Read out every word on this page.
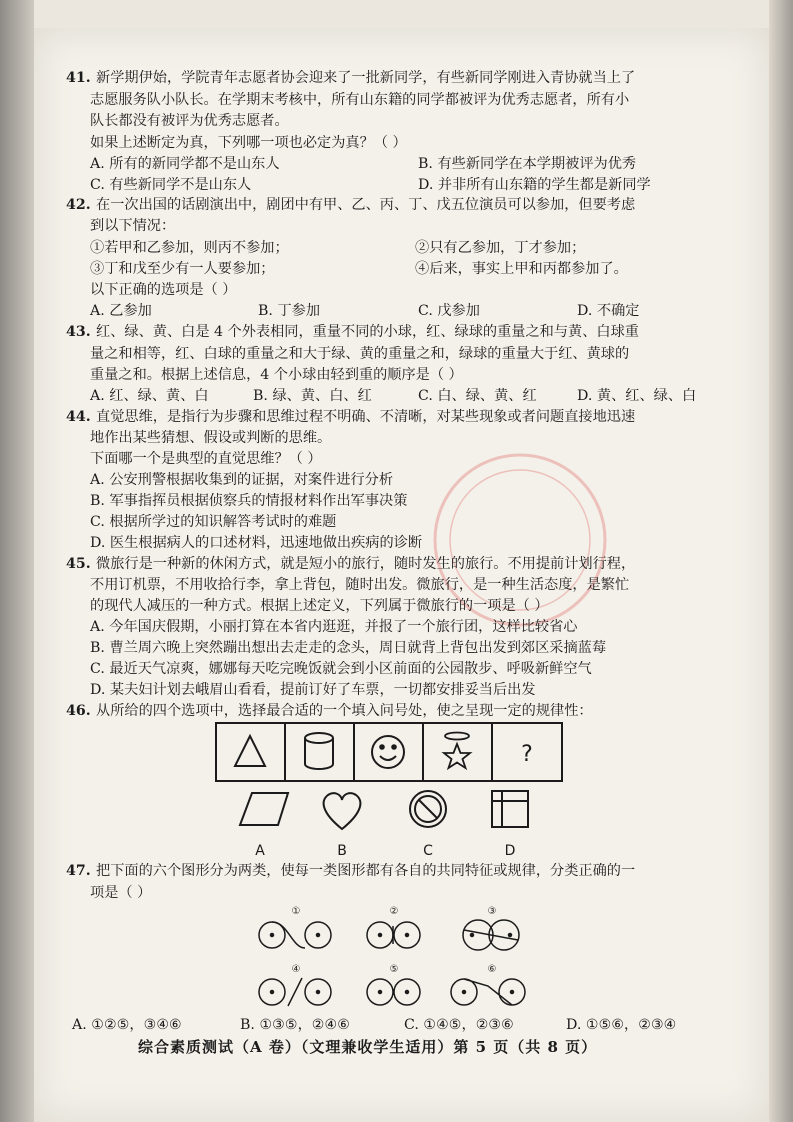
41. 新学期伊始，学院青年志愿者协会迎来了一批新同学，有些新同学刚进入青协就当上了
志愿服务队小队长。在学期末考核中，所有山东籍的同学都被评为优秀志愿者，所有小
队长都没有被评为优秀志愿者。
如果上述断定为真，下列哪一项也必定为真？（ ）
A. 所有的新同学都不是山东人	B. 有些新同学在本学期被评为优秀
C. 有些新同学不是山东人	D. 并非所有山东籍的学生都是新同学
42. 在一次出国的话剧演出中，剧团中有甲、乙、丙、丁、戊五位演员可以参加，但要考虑
到以下情况：
①若甲和乙参加，则丙不参加；	②只有乙参加，丁才参加；
③丁和戊至少有一人要参加；	④后来，事实上甲和丙都参加了。
以下正确的选项是（ ）
A. 乙参加	B. 丁参加	C. 戊参加	D. 不确定
43. 红、绿、黄、白是 4 个外表相同，重量不同的小球，红、绿球的重量之和与黄、白球重
量之和相等，红、白球的重量之和大于绿、黄的重量之和，绿球的重量大于红、黄球的
重量之和。根据上述信息，4 个小球由轻到重的顺序是（ ）
A. 红、绿、黄、白	B. 绿、黄、白、红	C. 白、绿、黄、红	D. 黄、红、绿、白
44. 直觉思维，是指行为步骤和思维过程不明确、不清晰，对某些现象或者问题直接地迅速
地作出某些猜想、假设或判断的思维。
下面哪一个是典型的直觉思维？（ ）
A. 公安刑警根据收集到的证据，对案件进行分析
B. 军事指挥员根据侦察兵的情报材料作出军事决策
C. 根据所学过的知识解答考试时的难题
D. 医生根据病人的口述材料，迅速地做出疾病的诊断
45. 微旅行是一种新的休闲方式，就是短小的旅行，随时发生的旅行。不用提前计划行程，
不用订机票，不用收拾行李，拿上背包，随时出发。微旅行，是一种生活态度，是繁忙
的现代人减压的一种方式。根据上述定义，下列属于微旅行的一项是（ ）
A. 今年国庆假期，小丽打算在本省内逛逛，并报了一个旅行团，这样比较省心
B. 曹兰周六晚上突然蹦出想出去走走的念头，周日就背上背包出发到郊区采摘蓝莓
C. 最近天气凉爽，娜娜每天吃完晚饭就会到小区前面的公园散步、呼吸新鲜空气
D. 某夫妇计划去峨眉山看看，提前订好了车票，一切都安排妥当后出发
46. 从所给的四个选项中，选择最合适的一个填入问号处，使之呈现一定的规律性：
?
A	B	C	D
47. 把下面的六个图形分为两类，使每一类图形都有各自的共同特征或规律，分类正确的一
项是（ ）
①	②	③
④	⑤	⑥
A. ①②⑤，③④⑥	B. ①③⑤，②④⑥	C. ①④⑤，②③⑥	D. ①⑤⑥，②③④
综合素质测试（A 卷）（文理兼收学生适用）第 5 页（共 8 页）
